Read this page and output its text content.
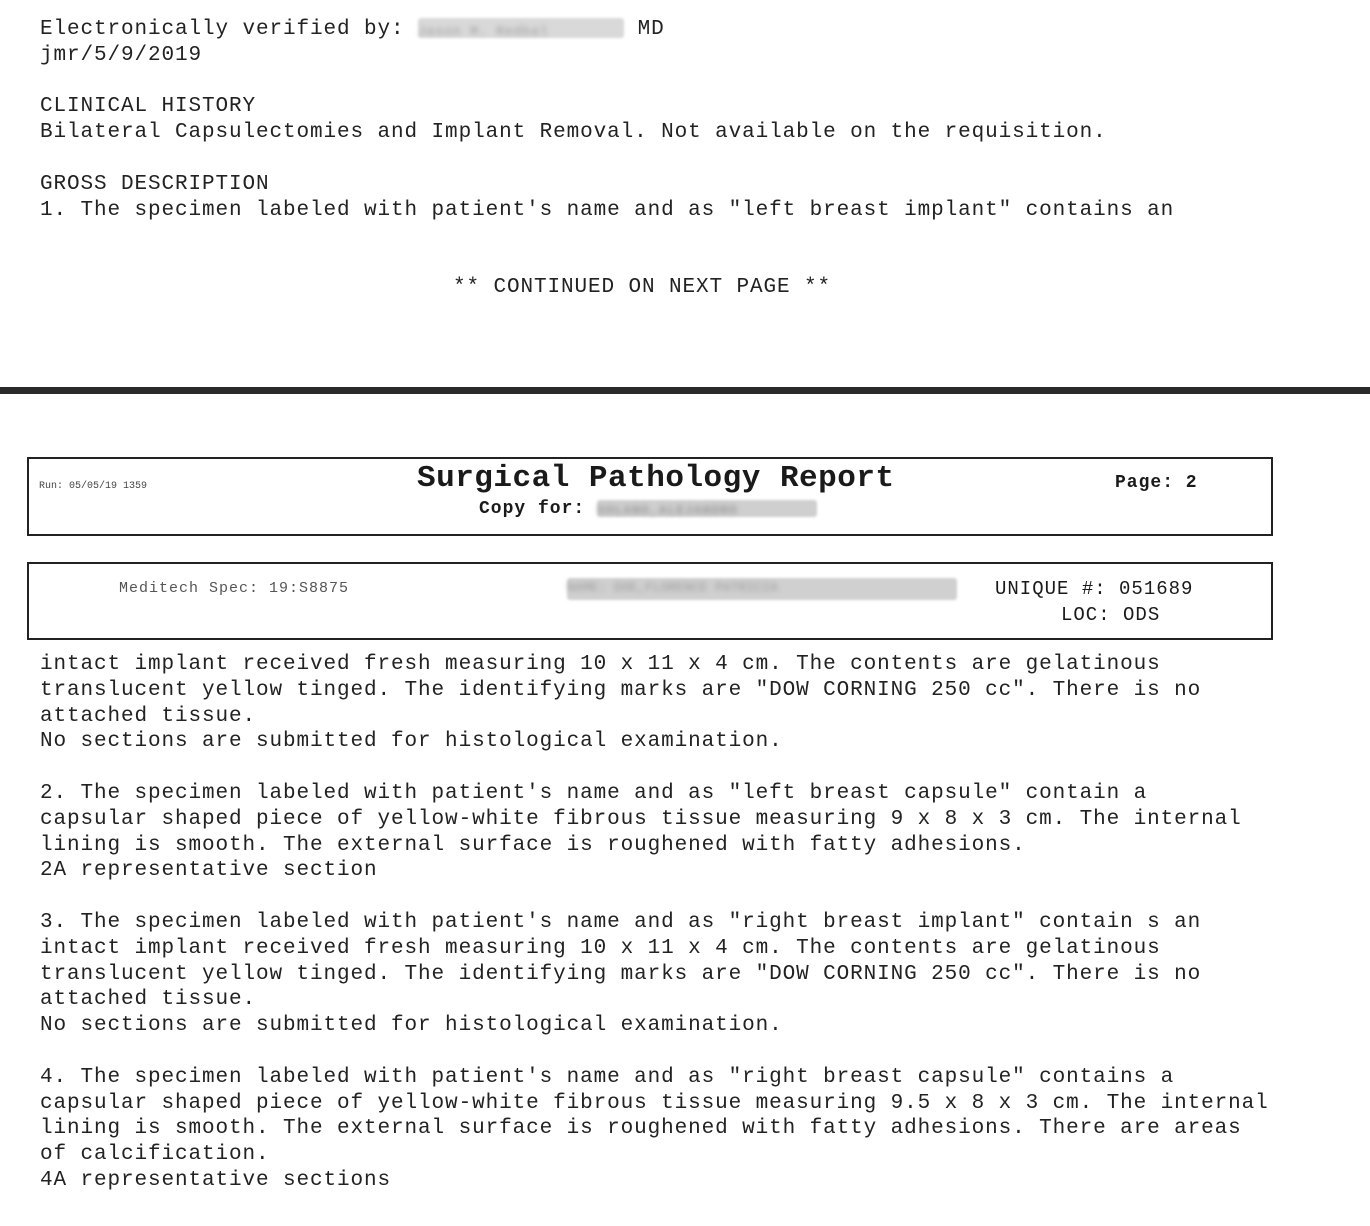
Electronically verified by: Jason M. Redbal	MD
jmr/5/9/2019
CLINICAL HISTORY
Bilateral Capsulectomies and Implant Removal. Not available on the requisition.
GROSS DESCRIPTION
1. The specimen labeled with patient's name and as "left breast implant" contains an
** CONTINUED ON NEXT PAGE **
Run: 05/05/19 1359	Surgical Pathology Report
Copy for: SOLANO,ALEJANDRO
Page: 2
Meditech Spec: 19:S8875	NAME: DOE,FLORENCE PATRICIA	UNIQUE #: 051689
LOC: ODS
intact implant received fresh measuring 10 x 11 x 4 cm. The contents are gelatinous
translucent yellow tinged. The identifying marks are "DOW CORNING 250 cc". There is no
attached tissue.
No sections are submitted for histological examination.
2. The specimen labeled with patient's name and as "left breast capsule" contain a
capsular shaped piece of yellow-white fibrous tissue measuring 9 x 8 x 3 cm. The internal
lining is smooth. The external surface is roughened with fatty adhesions.
2A representative section
3. The specimen labeled with patient's name and as "right breast implant" contain s an
intact implant received fresh measuring 10 x 11 x 4 cm. The contents are gelatinous
translucent yellow tinged. The identifying marks are "DOW CORNING 250 cc". There is no
attached tissue.
No sections are submitted for histological examination.
4. The specimen labeled with patient's name and as "right breast capsule" contains a
capsular shaped piece of yellow-white fibrous tissue measuring 9.5 x 8 x 3 cm. The internal
lining is smooth. The external surface is roughened with fatty adhesions. There are areas
of calcification.
4A representative sections
